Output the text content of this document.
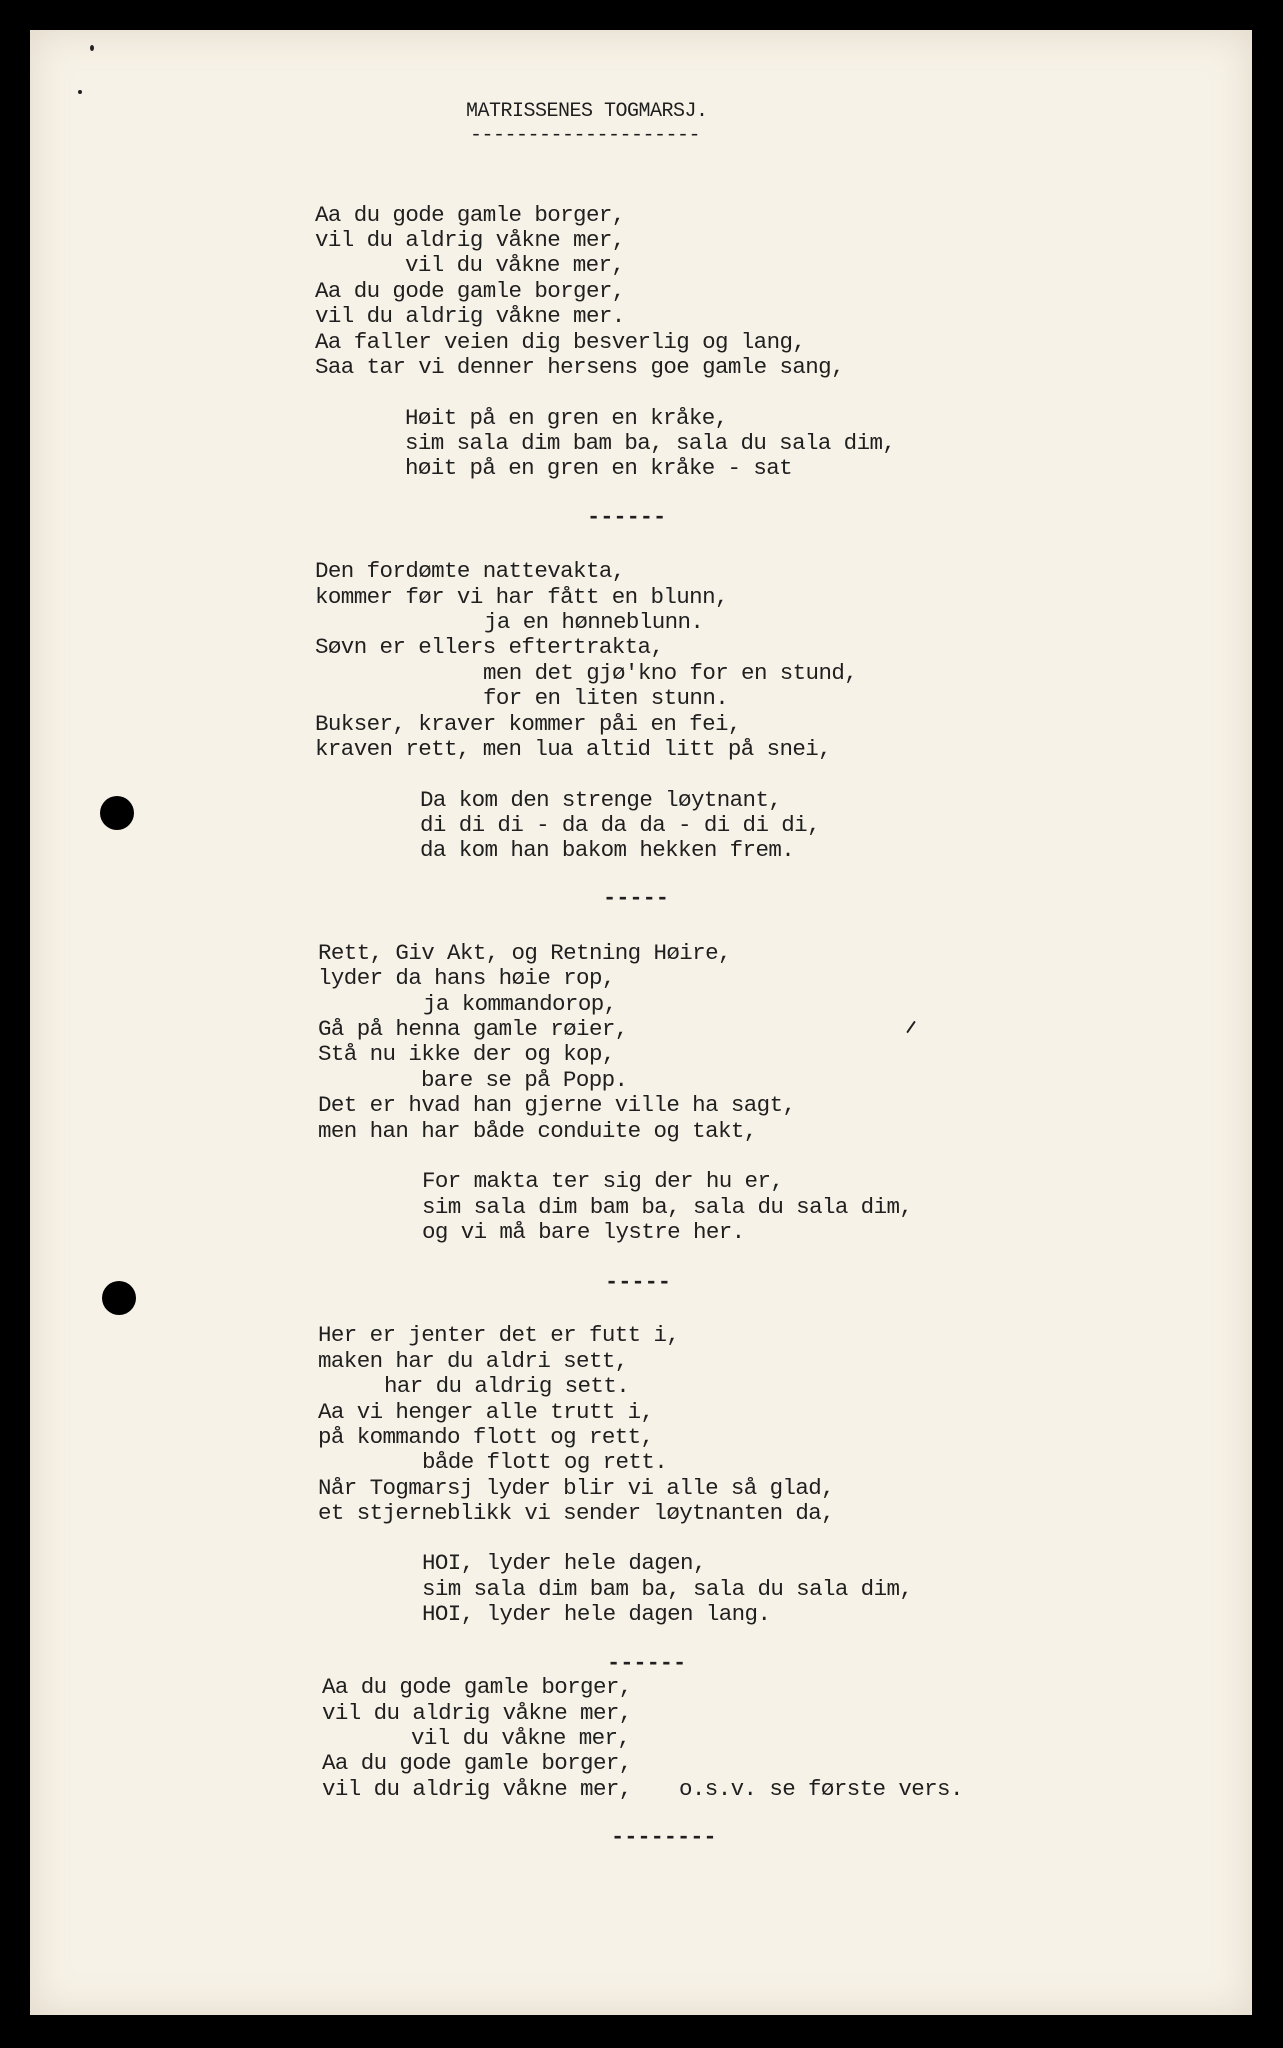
MATRISSENES TOGMARSJ.
--------------------
Aa du gode gamle borger,
vil du aldrig våkne mer,
vil du våkne mer,
Aa du gode gamle borger,
vil du aldrig våkne mer.
Aa faller veien dig besverlig og lang,
Saa tar vi denner hersens goe gamle sang,
Høit på en gren en kråke,
sim sala dim bam ba, sala du sala dim,
høit på en gren en kråke - sat
------
Den fordømte nattevakta,
kommer før vi har fått en blunn,
ja en hønneblunn.
Søvn er ellers eftertrakta,
men det gjø'kno for en stund,
for en liten stunn.
Bukser, kraver kommer påi en fei,
kraven rett, men lua altid litt på snei,
Da kom den strenge løytnant,
di di di - da da da - di di di,
da kom han bakom hekken frem.
-----
Rett, Giv Akt, og Retning Høire,
lyder da hans høie rop,
ja kommandorop,
Gå på henna gamle røier,
Stå nu ikke der og kop,
bare se på Popp.
Det er hvad han gjerne ville ha sagt,
men han har både conduite og takt,
For makta ter sig der hu er,
sim sala dim bam ba, sala du sala dim,
og vi må bare lystre her.
-----
Her er jenter det er futt i,
maken har du aldri sett,
har du aldrig sett.
Aa vi henger alle trutt i,
på kommando flott og rett,
både flott og rett.
Når Togmarsj lyder blir vi alle så glad,
et stjerneblikk vi sender løytnanten da,
HOI, lyder hele dagen,
sim sala dim bam ba, sala du sala dim,
HOI, lyder hele dagen lang.
------
Aa du gode gamle borger,
vil du aldrig våkne mer,
vil du våkne mer,
Aa du gode gamle borger,
vil du aldrig våkne mer, o.s.v. se første vers.
--------
